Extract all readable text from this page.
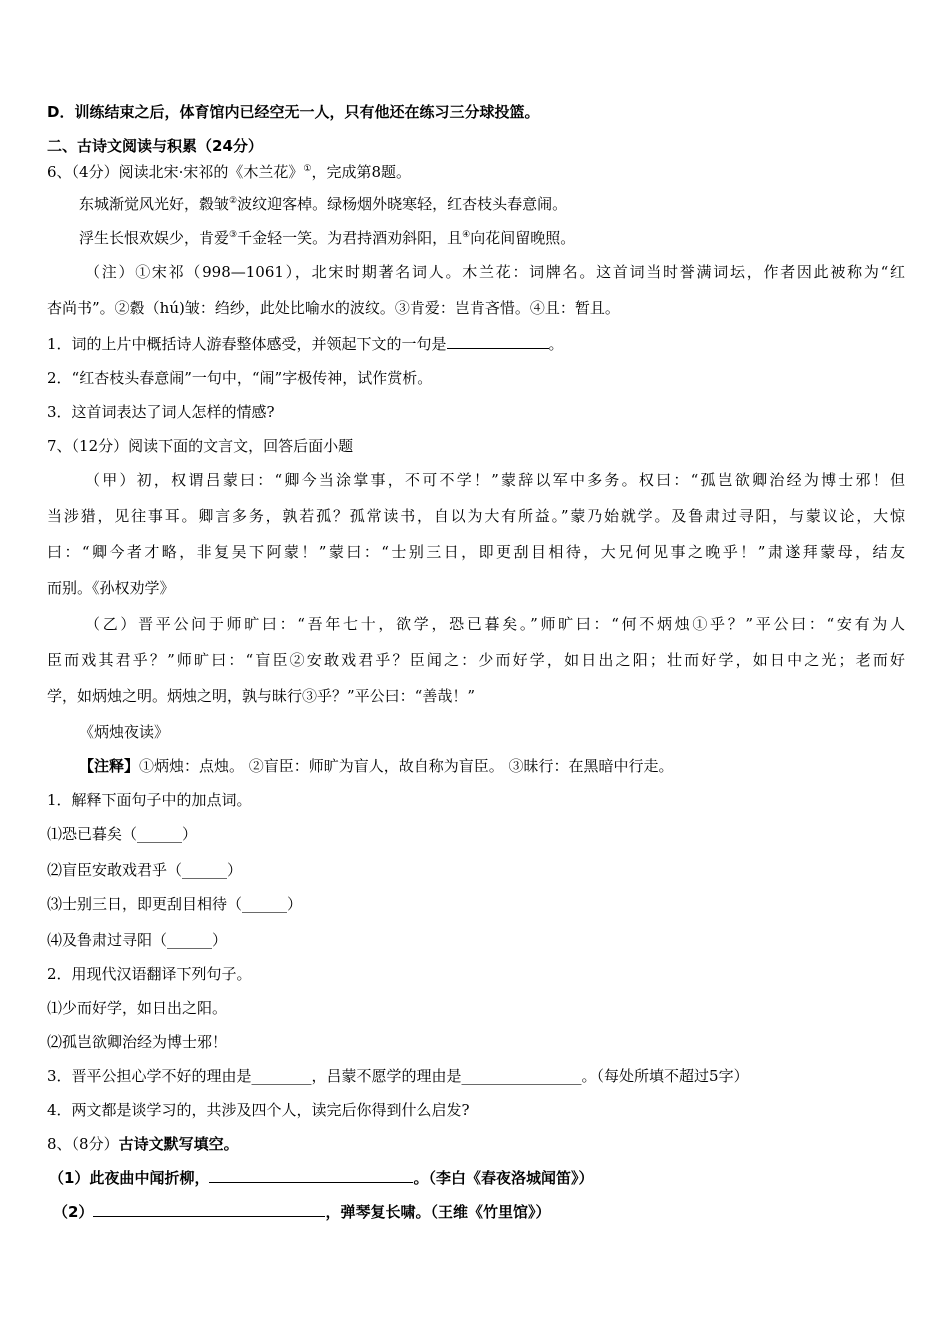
D．训练结束之后，体育馆内已经空无一人，只有他还在练习三分球投篮。
二、古诗文阅读与积累（24分）
6、（4分）阅读北宋·宋祁的《木兰花》①，完成第8题。
东城渐觉风光好，縠皱②波纹迎客棹。绿杨烟外晓寒轻，红杏枝头春意闹。
浮生长恨欢娱少，肯爱③千金轻一笑。为君持酒劝斜阳，且④向花间留晚照。
（注）①宋祁（998—1061），北宋时期著名词人。木兰花：词牌名。这首词当时誉满词坛，作者因此被称为“红
杏尚书”。②縠（hú)皱：绉纱，此处比喻水的波纹。③肯爱：岂肯吝惜。④且：暂且。
1．词的上片中概括诗人游春整体感受，并领起下文的一句是	。
2．“红杏枝头春意闹”一句中，“闹”字极传神，试作赏析。
3．这首词表达了词人怎样的情感?
7、（12分）阅读下面的文言文，回答后面小题
（甲）初，权谓吕蒙曰：“卿今当涂掌事，不可不学！”蒙辞以军中多务。权曰：“孤岂欲卿治经为博士邪！但
当涉猎，见往事耳。卿言多务，孰若孤？孤常读书，自以为大有所益。”蒙乃始就学。及鲁肃过寻阳，与蒙议论，大惊
曰：“卿今者才略，非复吴下阿蒙！”蒙曰：“士别三日，即更刮目相待，大兄何见事之晚乎！”肃遂拜蒙母，结友
而别。《孙权劝学》
（乙）晋平公问于师旷曰：“吾年七十，欲学，恐已暮矣。”师旷曰：“何不炳烛①乎？”平公曰：“安有为人
臣而戏其君乎？”师旷曰：“盲臣②安敢戏君乎？臣闻之：少而好学，如日出之阳；壮而好学，如日中之光；老而好
学，如炳烛之明。炳烛之明，孰与昧行③乎？”平公曰：“善哉！”
《炳烛夜读》
【注释】①炳烛：点烛。 ②盲臣：师旷为盲人，故自称为盲臣。 ③昧行：在黑暗中行走。
1．解释下面句子中的加点词。
⑴恐已暮矣（______）
⑵盲臣安敢戏君乎（______）
⑶士别三日，即更刮目相待（______）
⑷及鲁肃过寻阳（______）
2．用现代汉语翻译下列句子。
⑴少而好学，如日出之阳。
⑵孤岂欲卿治经为博士邪！
3．晋平公担心学不好的理由是________，吕蒙不愿学的理由是________________。（每处所填不超过5字）
4．两文都是谈学习的，共涉及四个人，读完后你得到什么启发?
8、（8分）古诗文默写填空。
（1）此夜曲中闻折柳，	。（李白《春夜洛城闻笛》）
（2）	，弹琴复长啸。（王维《竹里馆》）
